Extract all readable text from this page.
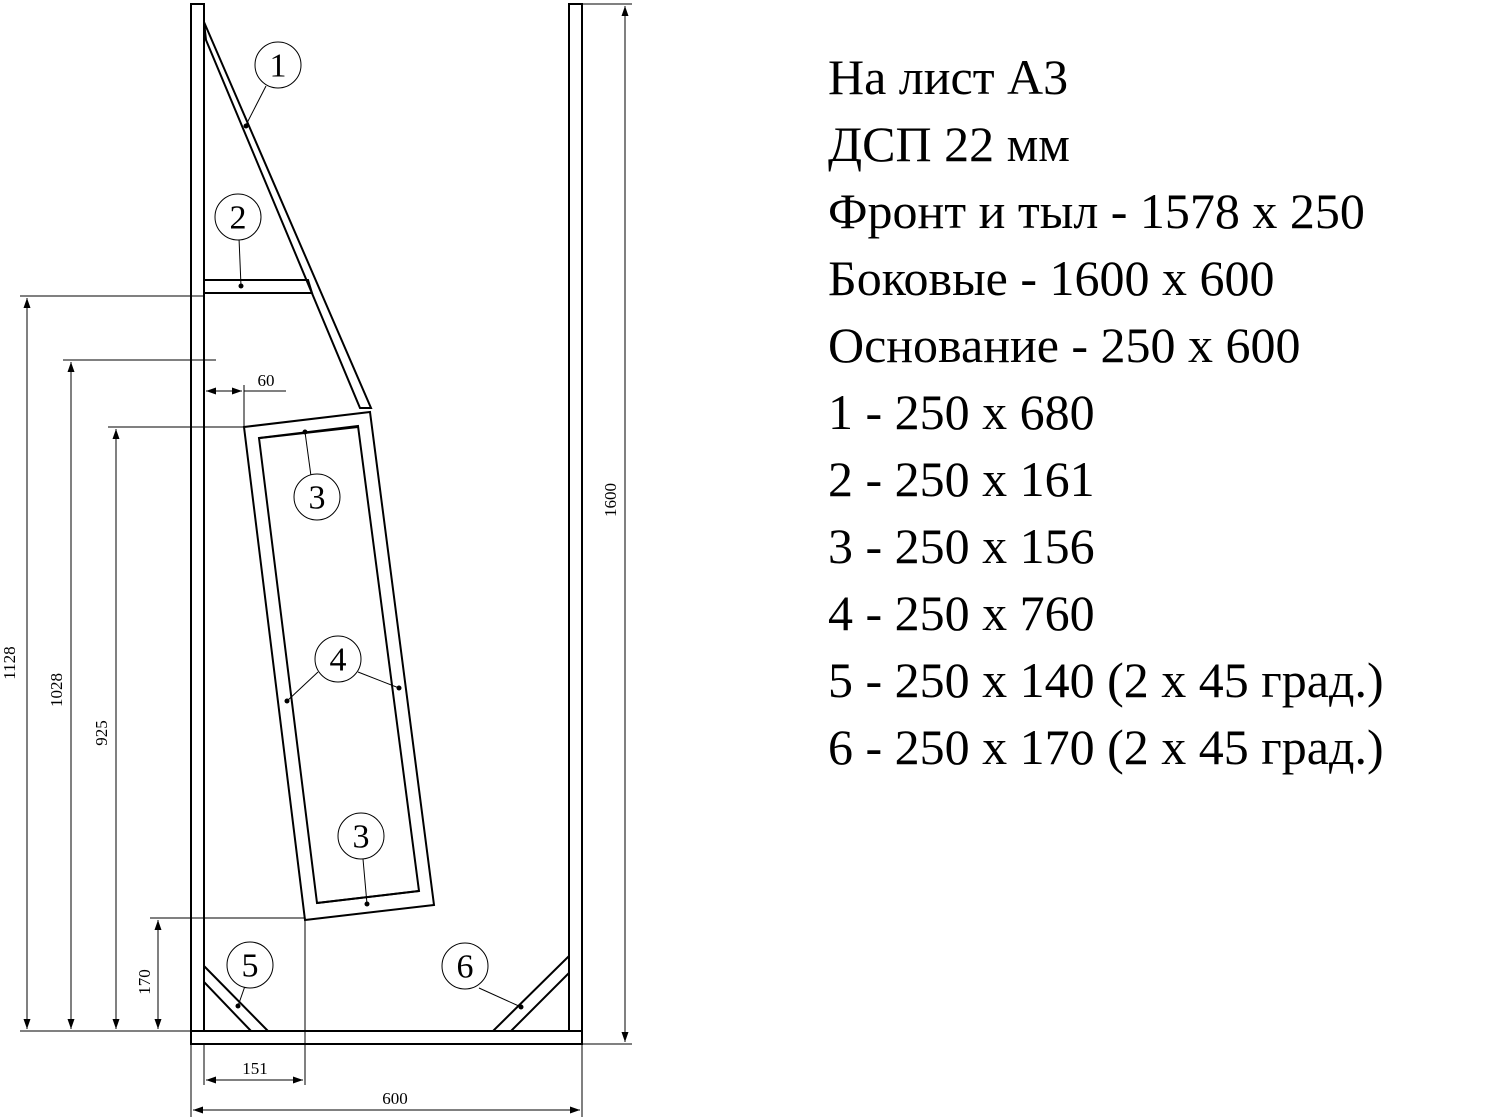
1
2
3
4
3
5	6
1128
1028
925
170
1600
600
151
60
На лист А3
ДСП 22 мм
Фронт и тыл - 1578 х 250
Боковые - 1600 х 600
Основание - 250 х 600
1 - 250 х 680
2 - 250 х 161
3 - 250 х 156
4 - 250 х 760
5 - 250 х 140 (2 х 45 град.)
6 - 250 х 170 (2 х 45 град.)
